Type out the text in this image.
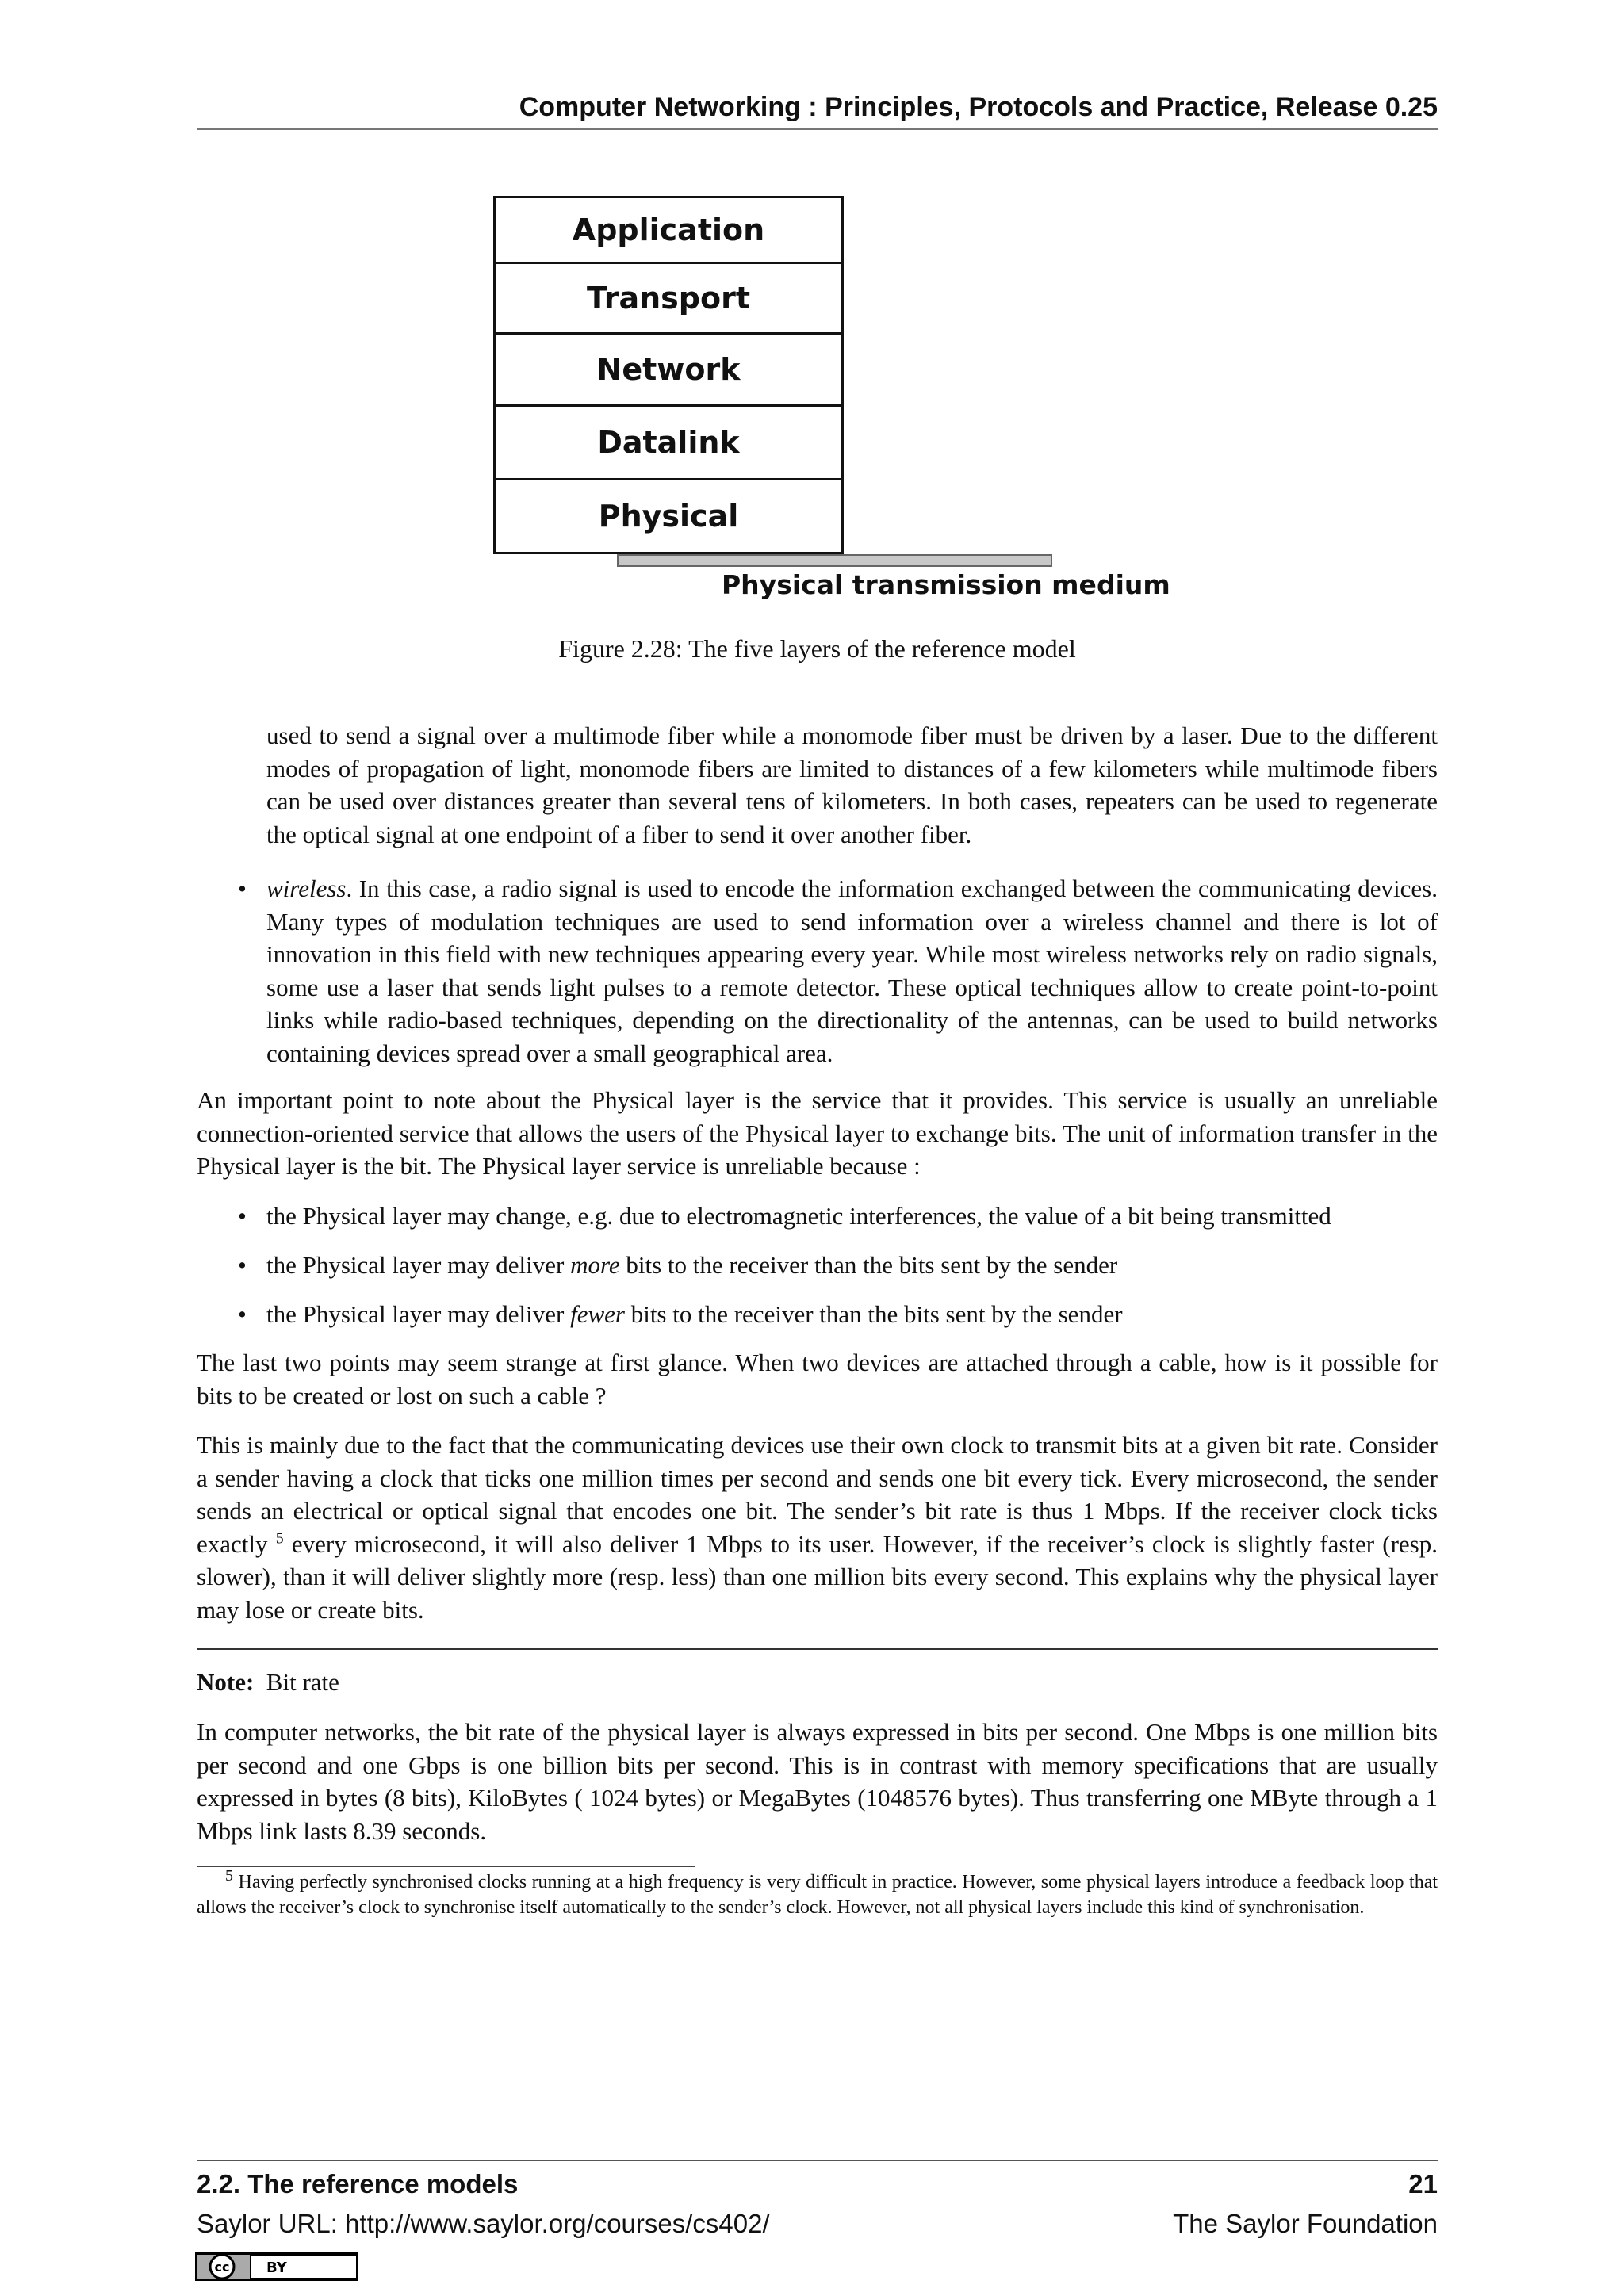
Computer Networking : Principles, Protocols and Practice, Release 0.25
Application
Transport
Network
Datalink
Physical
Physical transmission medium
Figure 2.28: The five layers of the reference model

used to send a signal over a multimode fiber while a monomode fiber must be driven by a laser. Due to the different modes of propagation of light, monomode fibers are limited to distances of a few kilometers while multimode fibers can be used over distances greater than several tens of kilometers. In both cases, repeaters can be used to regenerate the optical signal at one endpoint of a fiber to send it over another fiber.

• wireless. In this case, a radio signal is used to encode the information exchanged between the communicating devices. Many types of modulation techniques are used to send information over a wireless channel and there is lot of innovation in this field with new techniques appearing every year. While most wireless networks rely on radio signals, some use a laser that sends light pulses to a remote detector. These optical techniques allow to create point-to-point links while radio-based techniques, depending on the directionality of the antennas, can be used to build networks containing devices spread over a small geographical area.

An important point to note about the Physical layer is the service that it provides. This service is usually an unreliable connection-oriented service that allows the users of the Physical layer to exchange bits. The unit of information transfer in the Physical layer is the bit. The Physical layer service is unreliable because :

• the Physical layer may change, e.g. due to electromagnetic interferences, the value of a bit being transmitted

• the Physical layer may deliver more bits to the receiver than the bits sent by the sender

• the Physical layer may deliver fewer bits to the receiver than the bits sent by the sender

The last two points may seem strange at first glance. When two devices are attached through a cable, how is it possible for bits to be created or lost on such a cable ?

This is mainly due to the fact that the communicating devices use their own clock to transmit bits at a given bit rate. Consider a sender having a clock that ticks one million times per second and sends one bit every tick. Every microsecond, the sender sends an electrical or optical signal that encodes one bit. The sender’s bit rate is thus 1 Mbps. If the receiver clock ticks exactly $^5$ every microsecond, it will also deliver 1 Mbps to its user. However, if the receiver’s clock is slightly faster (resp. slower), than it will deliver slightly more (resp. less) than one million bits every second. This explains why the physical layer may lose or create bits.

Note: Bit rate

In computer networks, the bit rate of the physical layer is always expressed in bits per second. One Mbps is one million bits per second and one Gbps is one billion bits per second. This is in contrast with memory specifications that are usually expressed in bytes (8 bits), KiloBytes ( 1024 bytes) or MegaBytes (1048576 bytes). Thus transferring one MByte through a 1 Mbps link lasts 8.39 seconds.

$^5$ Having perfectly synchronised clocks running at a high frequency is very difficult in practice. However, some physical layers introduce a feedback loop that allows the receiver’s clock to synchronise itself automatically to the sender’s clock. However, not all physical layers include this kind of synchronisation.
2.2. The reference models	21
Saylor URL: http://www.saylor.org/courses/cs402/	The Saylor Foundation
cc	BY
